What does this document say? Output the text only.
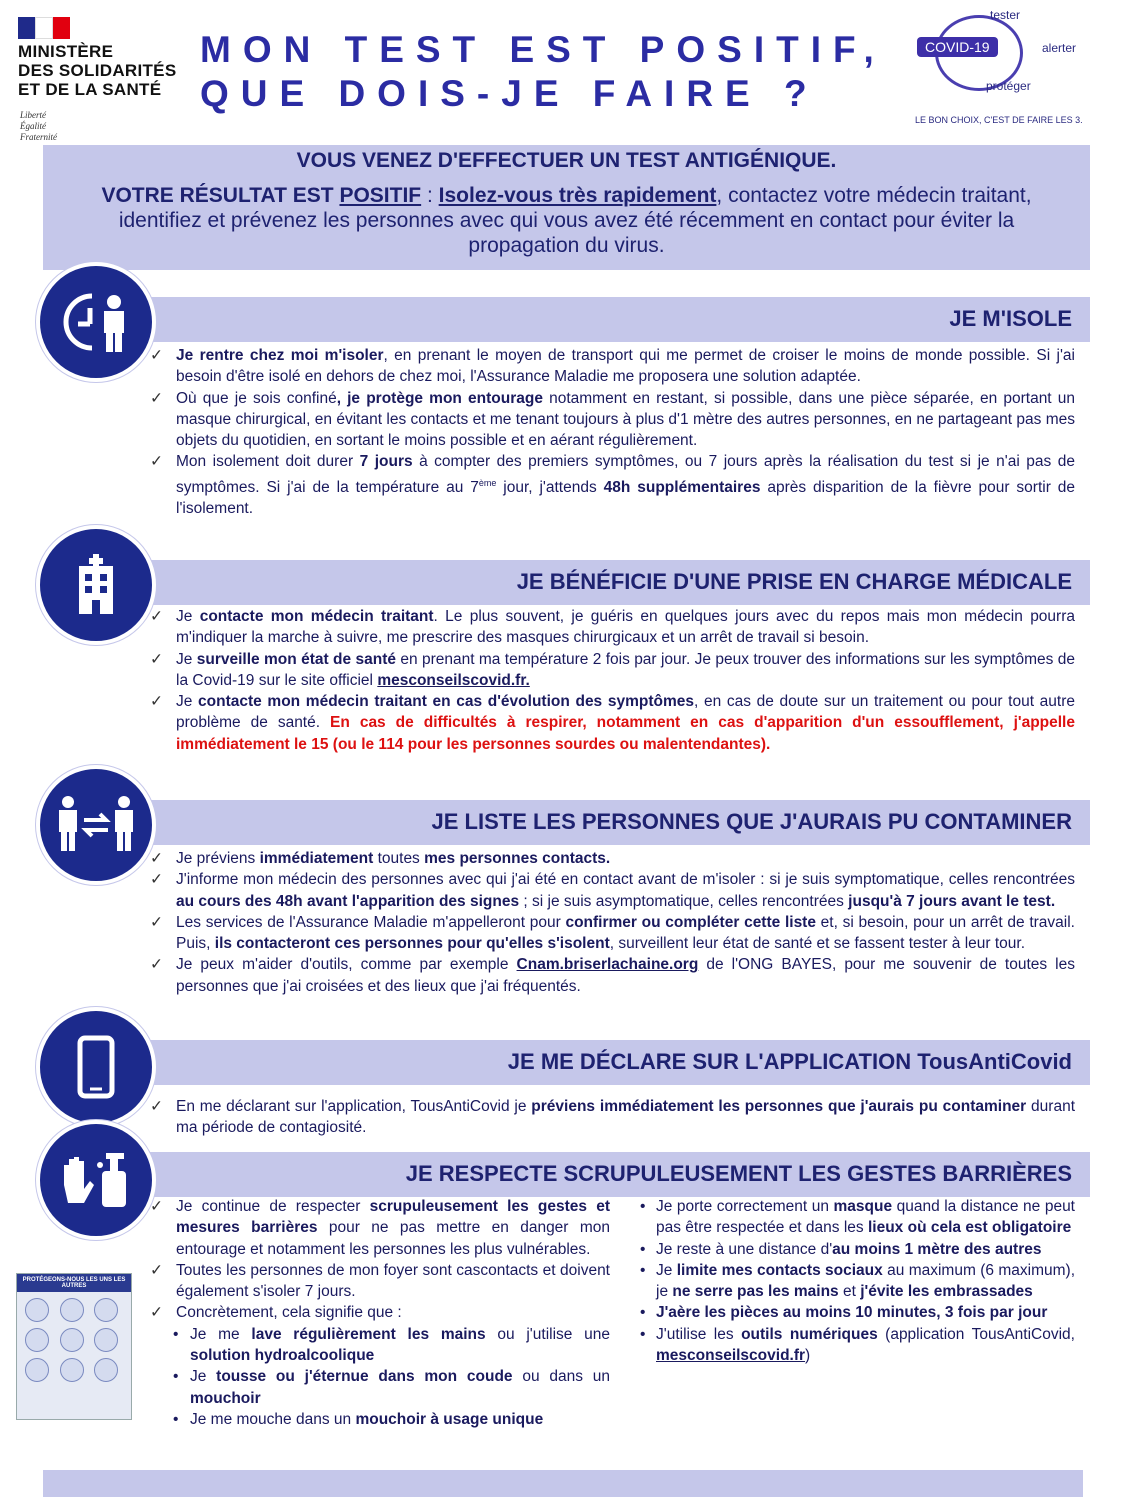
MINISTÈRE
DES SOLIDARITÉS
ET DE LA SANTÉ
Liberté
Égalité
Fraternité
MON TEST EST POSITIF,
QUE DOIS-JE FAIRE ?
COVID-19
tester
alerter
protéger
LE BON CHOIX, C'EST DE FAIRE LES 3.
VOUS VENEZ D'EFFECTUER UN TEST ANTIGÉNIQUE.
VOTRE RÉSULTAT EST POSITIF : Isolez-vous très rapidement, contactez votre médecin traitant, identifiez et prévenez les personnes avec qui vous avez été récemment en contact pour éviter la propagation du virus.
JE M'ISOLE
✓ Je rentre chez moi m'isoler, en prenant le moyen de transport qui me permet de croiser le moins de monde possible. Si j'ai besoin d'être isolé en dehors de chez moi, l'Assurance Maladie me proposera une solution adaptée.
✓ Où que je sois confiné, je protège mon entourage notamment en restant, si possible, dans une pièce séparée, en portant un masque chirurgical, en évitant les contacts et me tenant toujours à plus d'1 mètre des autres personnes, en ne partageant pas mes objets du quotidien, en sortant le moins possible et en aérant régulièrement.
✓ Mon isolement doit durer 7 jours à compter des premiers symptômes, ou 7 jours après la réalisation du test si je n'ai pas de symptômes. Si j'ai de la température au 7ème jour, j'attends 48h supplémentaires après disparition de la fièvre pour sortir de l'isolement.
JE BÉNÉFICIE D'UNE PRISE EN CHARGE MÉDICALE
✓ Je contacte mon médecin traitant. Le plus souvent, je guéris en quelques jours avec du repos mais mon médecin pourra m'indiquer la marche à suivre, me prescrire des masques chirurgicaux et un arrêt de travail si besoin.
✓ Je surveille mon état de santé en prenant ma température 2 fois par jour. Je peux trouver des informations sur les symptômes de la Covid-19 sur le site officiel mesconseilscovid.fr.
✓ Je contacte mon médecin traitant en cas d'évolution des symptômes, en cas de doute sur un traitement ou pour tout autre problème de santé. En cas de difficultés à respirer, notamment en cas d'apparition d'un essoufflement, j'appelle immédiatement le 15 (ou le 114 pour les personnes sourdes ou malentendantes).
JE LISTE LES PERSONNES QUE J'AURAIS PU CONTAMINER
✓ Je préviens immédiatement toutes mes personnes contacts.
✓ J'informe mon médecin des personnes avec qui j'ai été en contact avant de m'isoler : si je suis symptomatique, celles rencontrées au cours des 48h avant l'apparition des signes ; si je suis asymptomatique, celles rencontrées jusqu'à 7 jours avant le test.
✓ Les services de l'Assurance Maladie m'appelleront pour confirmer ou compléter cette liste et, si besoin, pour un arrêt de travail. Puis, ils contacteront ces personnes pour qu'elles s'isolent, surveillent leur état de santé et se fassent tester à leur tour.
✓ Je peux m'aider d'outils, comme par exemple Cnam.briserlachaine.org de l'ONG BAYES, pour me souvenir de toutes les personnes que j'ai croisées et des lieux que j'ai fréquentés.
JE ME DÉCLARE SUR L'APPLICATION TousAntiCovid
✓ En me déclarant sur l'application, TousAntiCovid je préviens immédiatement les personnes que j'aurais pu contaminer durant ma période de contagiosité.
JE RESPECTE SCRUPULEUSEMENT LES GESTES BARRIÈRES
✓ Je continue de respecter scrupuleusement les gestes et mesures barrières pour ne pas mettre en danger mon entourage et notamment les personnes les plus vulnérables.
✓ Toutes les personnes de mon foyer sont cascontacts et doivent également s'isoler 7 jours.
✓ Concrètement, cela signifie que :
• Je me lave régulièrement les mains ou j'utilise une solution hydroalcoolique
• Je tousse ou j'éternue dans mon coude ou dans un mouchoir
• Je me mouche dans un mouchoir à usage unique
• Je porte correctement un masque quand la distance ne peut pas être respectée et dans les lieux où cela est obligatoire
• Je reste à une distance d'au moins 1 mètre des autres
• Je limite mes contacts sociaux au maximum (6 maximum), je ne serre pas les mains et j'évite les embrassades
• J'aère les pièces au moins 10 minutes, 3 fois par jour
• J'utilise les outils numériques (application TousAntiCovid, mesconseilscovid.fr)
PROTÉGEONS-NOUS LES UNS LES AUTRES
